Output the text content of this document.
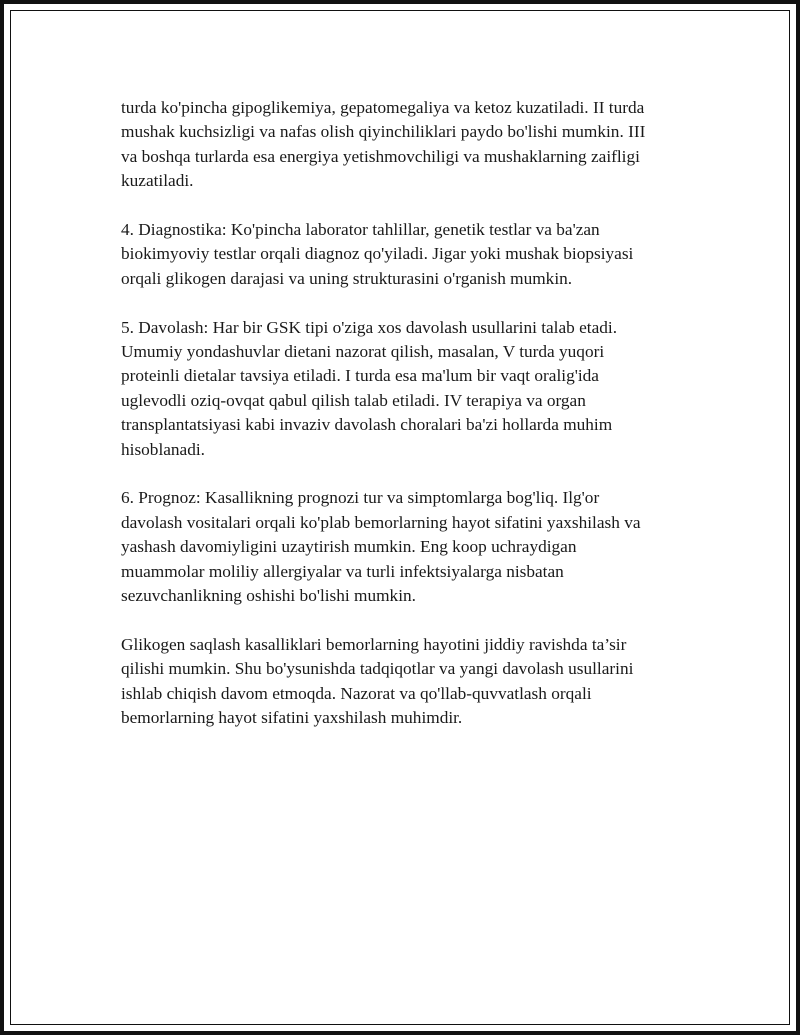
turda ko'pincha gipoglikemiya, gepatomegaliya va ketoz kuzatiladi. II turda
mushak kuchsizligi va nafas olish qiyinchiliklari paydo bo'lishi mumkin. III
va boshqa turlarda esa energiya yetishmovchiligi va mushaklarning zaifligi
kuzatiladi.

4. Diagnostika: Ko'pincha laborator tahlillar, genetik testlar va ba'zan
biokimyoviy testlar orqali diagnoz qo'yiladi. Jigar yoki mushak biopsiyasi
orqali glikogen darajasi va uning strukturasini o'rganish mumkin.

5. Davolash: Har bir GSK tipi o'ziga xos davolash usullarini talab etadi.
Umumiy yondashuvlar dietani nazorat qilish, masalan, V turda yuqori
proteinli dietalar tavsiya etiladi. I turda esa ma'lum bir vaqt oralig'ida
uglevodli oziq-ovqat qabul qilish talab etiladi. IV terapiya va organ
transplantatsiyasi kabi invaziv davolash choralari ba'zi hollarda muhim
hisoblanadi.

6. Prognoz: Kasallikning prognozi tur va simptomlarga bog'liq. Ilg'or
davolash vositalari orqali ko'plab bemorlarning hayot sifatini yaxshilash va
yashash davomiyligini uzaytirish mumkin. Eng koop uchraydigan
muammolar moliliy allergiyalar va turli infektsiyalarga nisbatan
sezuvchanlikning oshishi bo'lishi mumkin.

Glikogen saqlash kasalliklari bemorlarning hayotini jiddiy ravishda ta’sir
qilishi mumkin. Shu bo'ysunishda tadqiqotlar va yangi davolash usullarini
ishlab chiqish davom etmoqda. Nazorat va qo'llab-quvvatlash orqali
bemorlarning hayot sifatini yaxshilash muhimdir.
